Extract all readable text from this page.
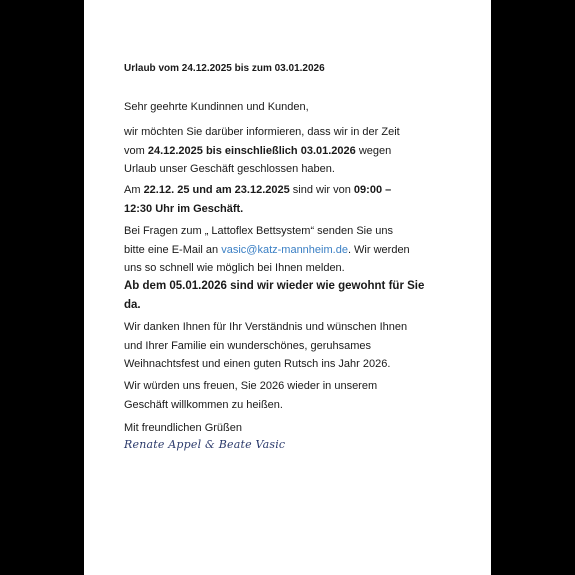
Urlaub vom 24.12.2025 bis zum 03.01.2026
Sehr geehrte Kundinnen und Kunden,
wir möchten Sie darüber informieren, dass wir in der Zeit
vom 24.12.2025 bis einschließlich 03.01.2026 wegen
Urlaub unser Geschäft geschlossen haben.
Am 22.12. 25 und am 23.12.2025 sind wir von 09:00 –
12:30 Uhr im Geschäft.
Bei Fragen zum „ Lattoflex Bettsystem“ senden Sie uns
bitte eine E-Mail an vasic@katz-mannheim.de. Wir werden
uns so schnell wie möglich bei Ihnen melden.
Ab dem 05.01.2026 sind wir wieder wie gewohnt für Sie
da.
Wir danken Ihnen für Ihr Verständnis und wünschen Ihnen
und Ihrer Familie ein wunderschönes, geruhsames
Weihnachtsfest und einen guten Rutsch ins Jahr 2026.
Wir würden uns freuen, Sie 2026 wieder in unserem
Geschäft willkommen zu heißen.
Mit freundlichen Grüßen
Renate Appel & Beate Vasic
